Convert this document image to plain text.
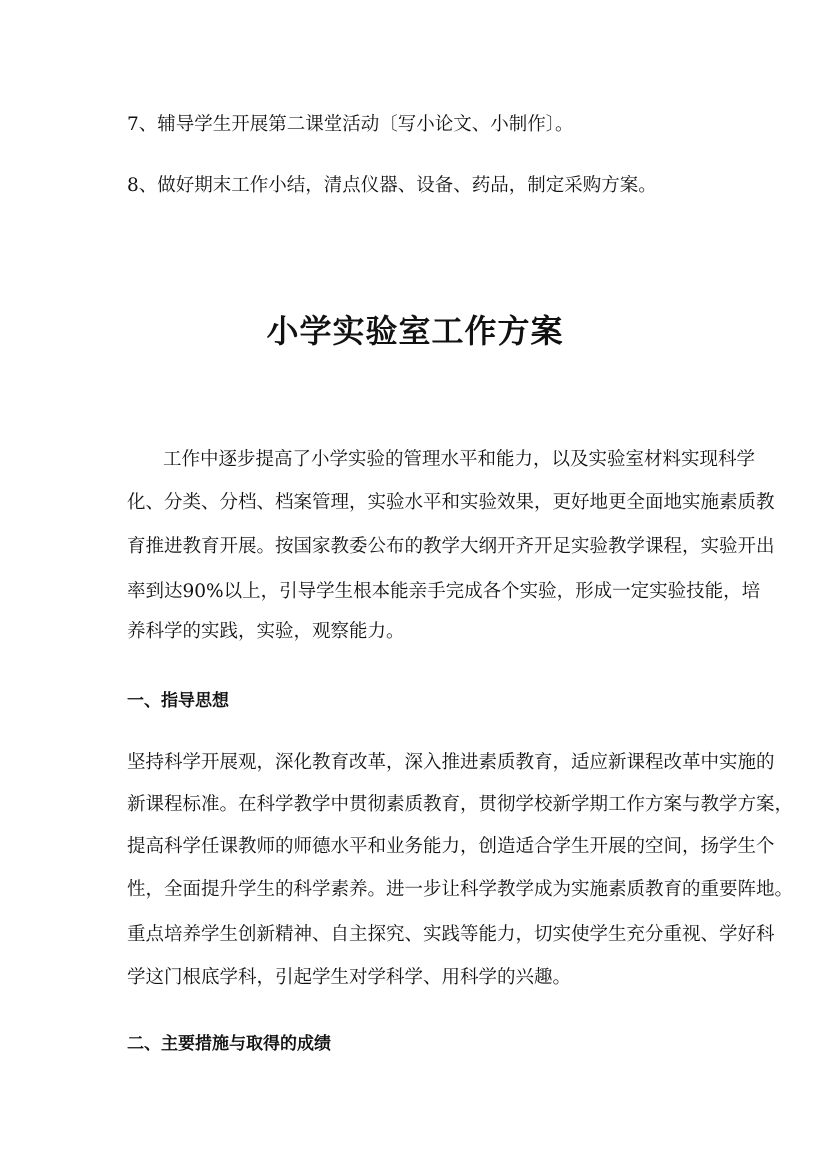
7、辅导学生开展第二课堂活动〔写小论文、小制作〕。
8、做好期末工作小结，清点仪器、设备、药品，制定采购方案。
小学实验室工作方案
工作中逐步提高了小学实验的管理水平和能力，以及实验室材料实现科学
化、分类、分档、档案管理，实验水平和实验效果，更好地更全面地实施素质教
育推进教育开展。按国家教委公布的教学大纲开齐开足实验教学课程，实验开出
率到达90%以上，引导学生根本能亲手完成各个实验，形成一定实验技能，培
养科学的实践，实验，观察能力。
一、指导思想
坚持科学开展观，深化教育改革，深入推进素质教育，适应新课程改革中实施的
新课程标准。在科学教学中贯彻素质教育，贯彻学校新学期工作方案与教学方案，
提高科学任课教师的师德水平和业务能力，创造适合学生开展的空间，扬学生个
性，全面提升学生的科学素养。进一步让科学教学成为实施素质教育的重要阵地。
重点培养学生创新精神、自主探究、实践等能力，切实使学生充分重视、学好科
学这门根底学科，引起学生对学科学、用科学的兴趣。
二、主要措施与取得的成绩
